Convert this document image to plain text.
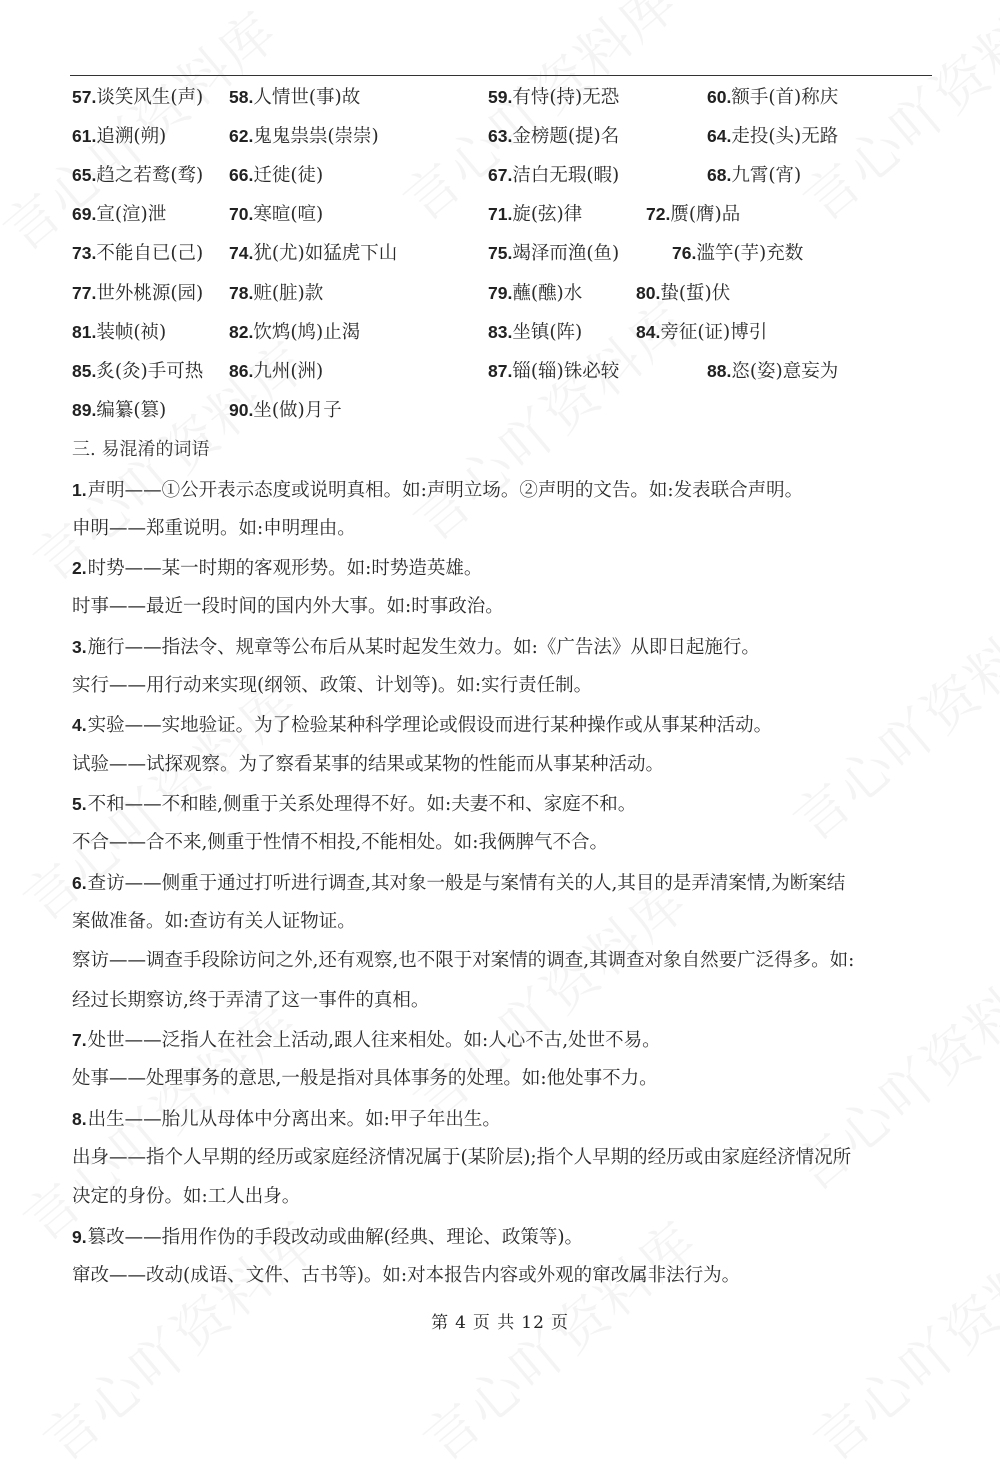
57.谈笑风生(声) 58.人情世(事)故	59.有恃(持)无恐	60.额手(首)称庆
61.追溯(朔)	62.鬼鬼祟祟(崇崇)	63.金榜题(提)名	64.走投(头)无路
65.趋之若鹜(骛) 66.迁徙(徒)	67.洁白无瑕(暇)	68.九霄(宵)
69.宣(渲)泄	70.寒暄(喧)	71.旋(弦)律	72.赝(膺)品
73.不能自已(己) 74.犹(尤)如猛虎下山	75.竭泽而渔(鱼)	76.滥竽(芋)充数
77.世外桃源(园) 78.赃(脏)款	79.蘸(醮)水	80.蛰(蜇)伏
81.装帧(祯)	82.饮鸩(鸠)止渴	83.坐镇(阵)	84.旁征(证)博引
85.炙(灸)手可热 86.九州(洲)	87.锱(辎)铢必较	88.恣(姿)意妄为
89.编纂(篡)	90.坐(做)月子
三. 易混淆的词语
1.声明——①公开表示态度或说明真相。如:声明立场。②声明的文告。如:发表联合声明。
申明——郑重说明。如:申明理由。
2.时势——某一时期的客观形势。如:时势造英雄。
时事——最近一段时间的国内外大事。如:时事政治。
3.施行——指法令、规章等公布后从某时起发生效力。如:《广告法》从即日起施行。
实行——用行动来实现(纲领、政策、计划等)。如:实行责任制。
4.实验——实地验证。为了检验某种科学理论或假设而进行某种操作或从事某种活动。
试验——试探观察。为了察看某事的结果或某物的性能而从事某种活动。
5.不和——不和睦,侧重于关系处理得不好。如:夫妻不和、家庭不和。
不合——合不来,侧重于性情不相投,不能相处。如:我俩脾气不合。
6.查访——侧重于通过打听进行调查,其对象一般是与案情有关的人,其目的是弄清案情,为断案结
案做准备。如:查访有关人证物证。
察访——调查手段除访问之外,还有观察,也不限于对案情的调查,其调查对象自然要广泛得多。如:
经过长期察访,终于弄清了这一事件的真相。
7.处世——泛指人在社会上活动,跟人往来相处。如:人心不古,处世不易。
处事——处理事务的意思,一般是指对具体事务的处理。如:他处事不力。
8.出生——胎儿从母体中分离出来。如:甲子年出生。
出身——指个人早期的经历或家庭经济情况属于(某阶层);指个人早期的经历或由家庭经济情况所
决定的身份。如:工人出身。
9.篡改——指用作伪的手段改动或曲解(经典、理论、政策等)。
窜改——改动(成语、文件、古书等)。如:对本报告内容或外观的窜改属非法行为。
第 4 页 共 12 页
